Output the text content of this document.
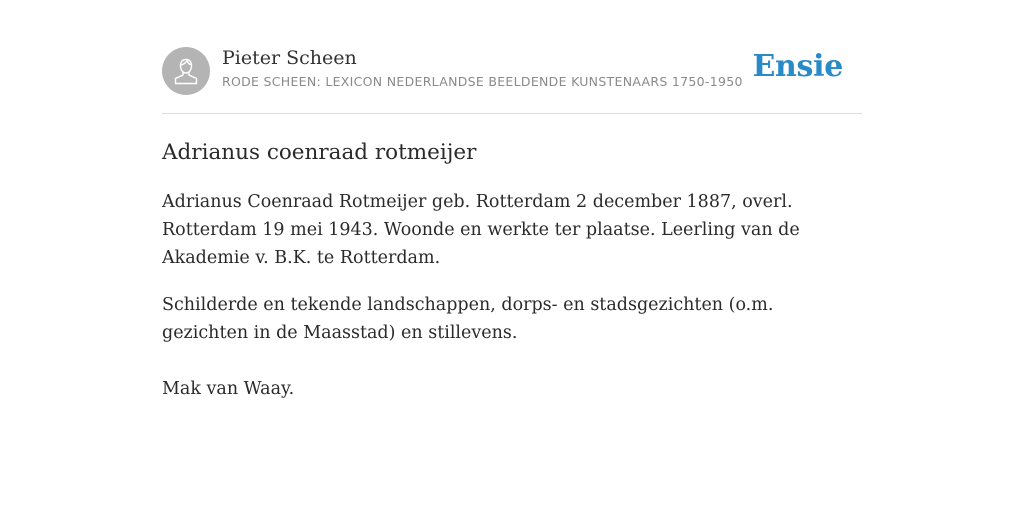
Pieter Scheen
RODE SCHEEN: LEXICON NEDERLANDSE BEELDENDE KUNSTENAARS 1750-1950 Ensie
Adrianus coenraad rotmeijer

Adrianus Coenraad Rotmeijer geb. Rotterdam 2 december 1887, overl. Rotterdam 19 mei 1943. Woonde en werkte ter plaatse. Leerling van de Akademie v. B.K. te Rotterdam.

Schilderde en tekende landschappen, dorps- en stadsgezichten (o.m. gezichten in de Maasstad) en stillevens.

Mak van Waay.
